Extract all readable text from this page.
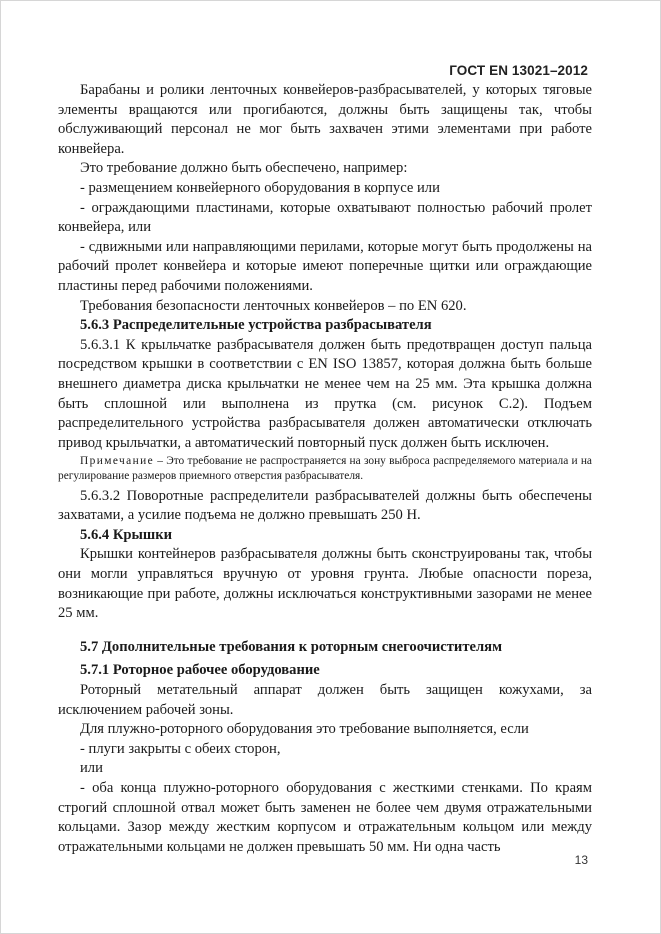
ГОСТ EN 13021–2012

Барабаны и ролики ленточных конвейеров-разбрасывателей, у которых тяговые элементы вращаются или прогибаются, должны быть защищены так, чтобы обслуживающий персонал не мог быть захвачен этими элементами при работе конвейера.

Это требование должно быть обеспечено, например:

- размещением конвейерного оборудования в корпусе или

- ограждающими пластинами, которые охватывают полностью рабочий пролет конвейера, или

- сдвижными или направляющими перилами, которые могут быть продолжены на рабочий пролет конвейера и которые имеют поперечные щитки или ограждающие пластины перед рабочими положениями.

Требования безопасности ленточных конвейеров – по EN 620.

5.6.3 Распределительные устройства разбрасывателя

5.6.3.1 К крыльчатке разбрасывателя должен быть предотвращен доступ пальца посредством крышки в соответствии с EN ISO 13857, которая должна быть больше внешнего диаметра диска крыльчатки не менее чем на 25 мм. Эта крышка должна быть сплошной или выполнена из прутка (см. рисунок С.2). Подъем распределительного устройства разбрасывателя должен автоматически отключать привод крыльчатки, а автоматический повторный пуск должен быть исключен.

Примечание – Это требование не распространяется на зону выброса распределяемого материала и на регулирование размеров приемного отверстия разбрасывателя.

5.6.3.2 Поворотные распределители разбрасывателей должны быть обеспечены захватами, а усилие подъема не должно превышать 250 Н.

5.6.4 Крышки

Крышки контейнеров разбрасывателя должны быть сконструированы так, чтобы они могли управляться вручную от уровня грунта. Любые опасности пореза, возникающие при работе, должны исключаться конструктивными зазорами не менее 25 мм.

5.7 Дополнительные требования к роторным снегоочистителям

5.7.1 Роторное рабочее оборудование

Роторный метательный аппарат должен быть защищен кожухами, за исключением рабочей зоны.

Для плужно-роторного оборудования это требование выполняется, если

- плуги закрыты с обеих сторон,

или

- оба конца плужно-роторного оборудования с жесткими стенками. По краям строгий сплошной отвал может быть заменен не более чем двумя отражательными кольцами. Зазор между жестким корпусом и отражательным кольцом или между отражательными кольцами не должен превышать 50 мм. Ни одна часть

13
